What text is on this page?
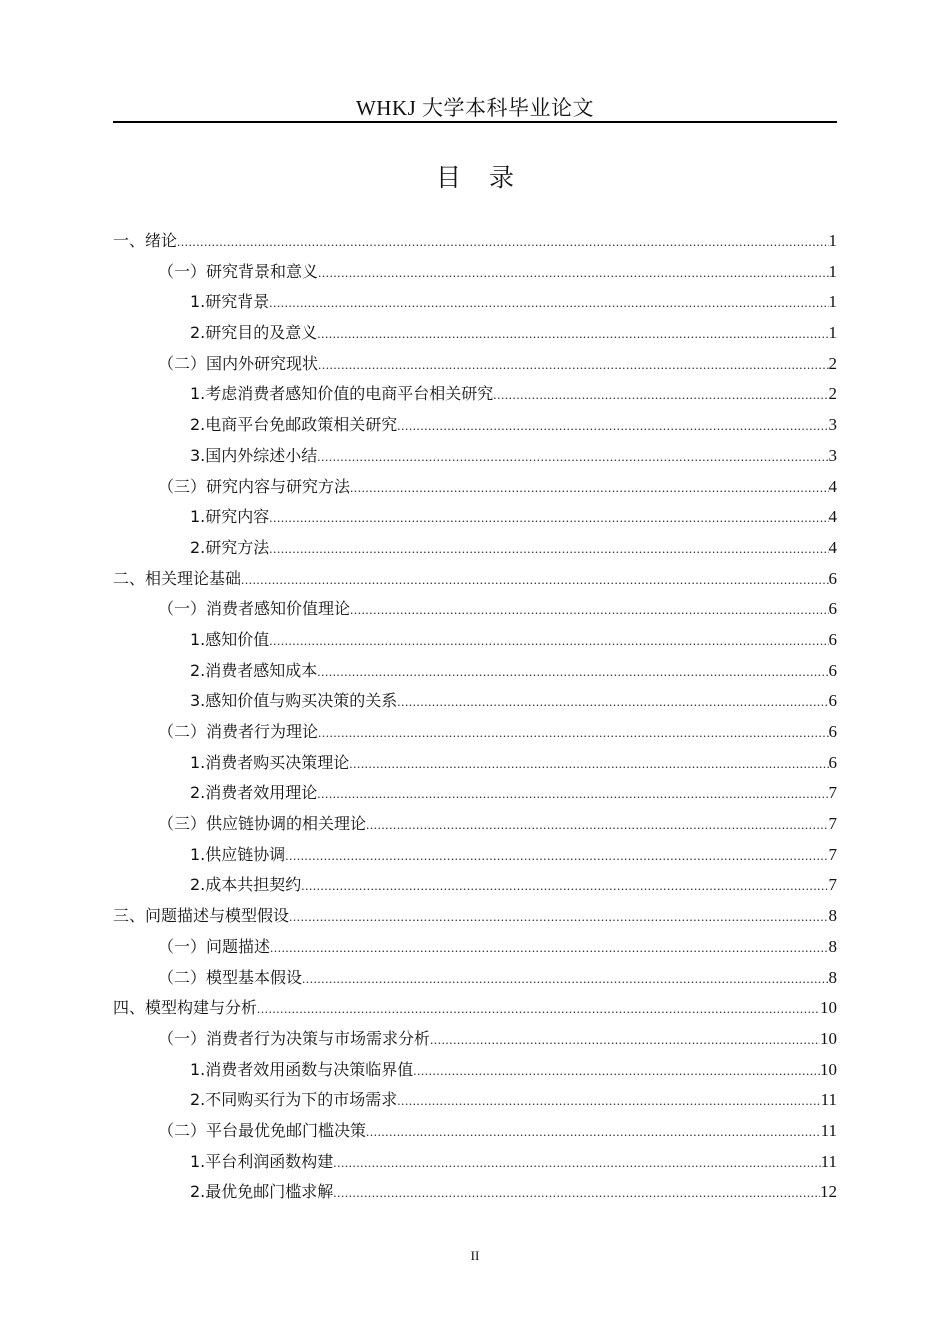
WHKJ 大学本科毕业论文
目录
一、绪论 .....	1
（一）研究背景和意义 .....	1
1.研究背景 .....	1
2.研究目的及意义 .....	1
（二）国内外研究现状 .....	2
1.考虑消费者感知价值的电商平台相关研究 .....	2
2.电商平台免邮政策相关研究 .....	3
3.国内外综述小结 .....	3
（三）研究内容与研究方法 .....	4
1.研究内容 .....	4
2.研究方法 .....	4
二、相关理论基础 .....	6
（一）消费者感知价值理论 .....	6
1.感知价值 .....	6
2.消费者感知成本 .....	6
3.感知价值与购买决策的关系 .....	6
（二）消费者行为理论 .....	6
1.消费者购买决策理论 .....	6
2.消费者效用理论 .....	7
（三）供应链协调的相关理论 .....	7
1.供应链协调 .....	7
2.成本共担契约 .....	7
三、问题描述与模型假设 .....	8
（一）问题描述 .....	8
（二）模型基本假设 .....	8
四、模型构建与分析 .....	10
（一）消费者行为决策与市场需求分析 .....	10
1.消费者效用函数与决策临界值 .....	10
2.不同购买行为下的市场需求 .....	11
（二）平台最优免邮门槛决策 .....	11
1.平台利润函数构建 .....	11
2.最优免邮门槛求解 .....	12
II
